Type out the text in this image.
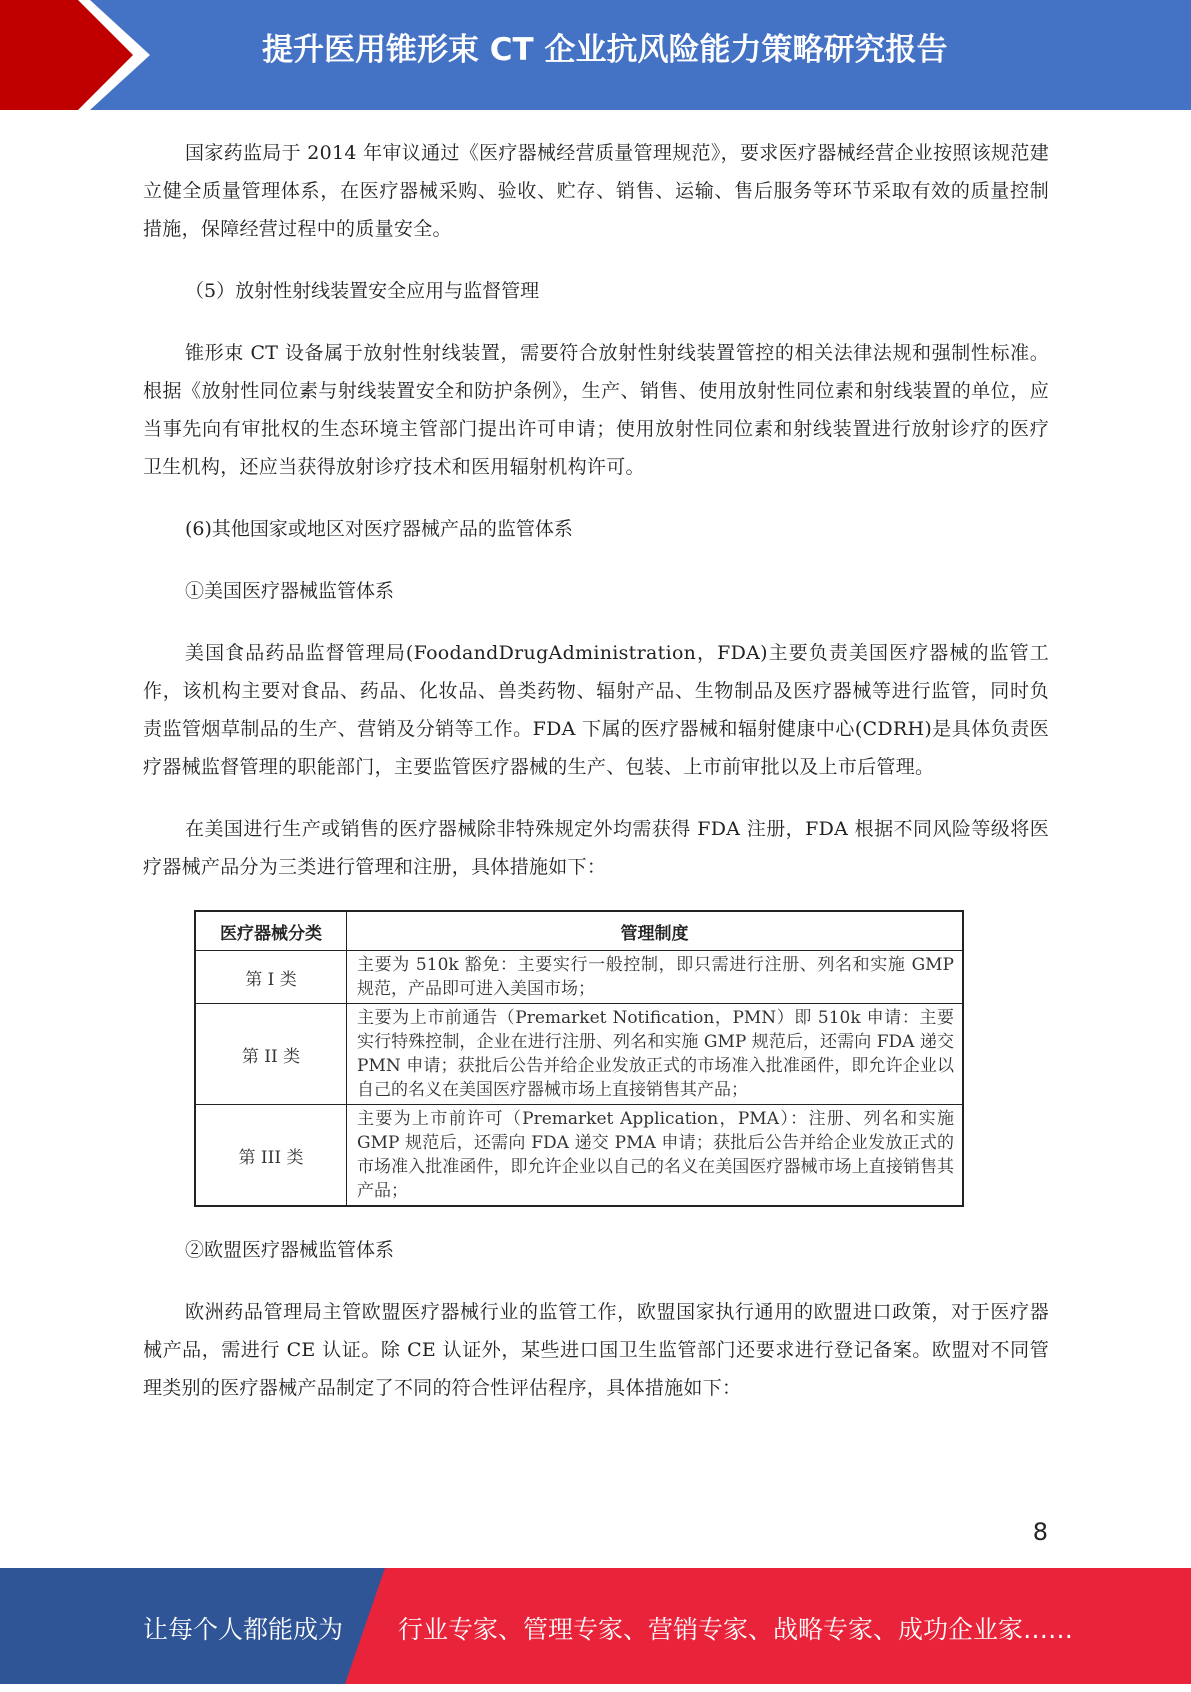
提升医用锥形束 CT 企业抗风险能力策略研究报告

国家药监局于 2014 年审议通过《医疗器械经营质量管理规范》，要求医疗器械经营企业按照该规范建立健全质量管理体系，在医疗器械采购、验收、贮存、销售、运输、售后服务等环节采取有效的质量控制措施，保障经营过程中的质量安全。

（5）放射性射线装置安全应用与监督管理

锥形束 CT 设备属于放射性射线装置，需要符合放射性射线装置管控的相关法律法规和强制性标准。根据《放射性同位素与射线装置安全和防护条例》，生产、销售、使用放射性同位素和射线装置的单位，应当事先向有审批权的生态环境主管部门提出许可申请；使用放射性同位素和射线装置进行放射诊疗的医疗卫生机构，还应当获得放射诊疗技术和医用辐射机构许可。

(6)其他国家或地区对医疗器械产品的监管体系
①美国医疗器械监管体系

美国食品药品监督管理局(FoodandDrugAdministration，FDA)主要负责美国医疗器械的监管工作，该机构主要对食品、药品、化妆品、兽类药物、辐射产品、生物制品及医疗器械等进行监管，同时负责监管烟草制品的生产、营销及分销等工作。FDA 下属的医疗器械和辐射健康中心(CDRH)是具体负责医疗器械监督管理的职能部门，主要监管医疗器械的生产、包装、上市前审批以及上市后管理。

在美国进行生产或销售的医疗器械除非特殊规定外均需获得 FDA 注册，FDA 根据不同风险等级将医疗器械产品分为三类进行管理和注册，具体措施如下：

医疗器械分类	管理制度
第 I 类	主要为 510k 豁免：主要实行一般控制，即只需进行注册、列名和实施 GMP 规范，产品即可进入美国市场；
第 II 类	主要为上市前通告（Premarket Notification，PMN）即 510k 申请：主要实行特殊控制，企业在进行注册、列名和实施 GMP 规范后，还需向 FDA 递交 PMN 申请；获批后公告并给企业发放正式的市场准入批准函件，即允许企业以自己的名义在美国医疗器械市场上直接销售其产品；
第 III 类	主要为上市前许可（Premarket Application，PMA）：注册、列名和实施 GMP 规范后，还需向 FDA 递交 PMA 申请；获批后公告并给企业发放正式的市场准入批准函件，即允许企业以自己的名义在美国医疗器械市场上直接销售其产品；
②欧盟医疗器械监管体系

欧洲药品管理局主管欧盟医疗器械行业的监管工作，欧盟国家执行通用的欧盟进口政策，对于医疗器械产品，需进行 CE 认证。除 CE 认证外，某些进口国卫生监管部门还要求进行登记备案。欧盟对不同管理类别的医疗器械产品制定了不同的符合性评估程序，具体措施如下：

8
让每个人都能成为 行业专家、管理专家、营销专家、战略专家、成功企业家……
